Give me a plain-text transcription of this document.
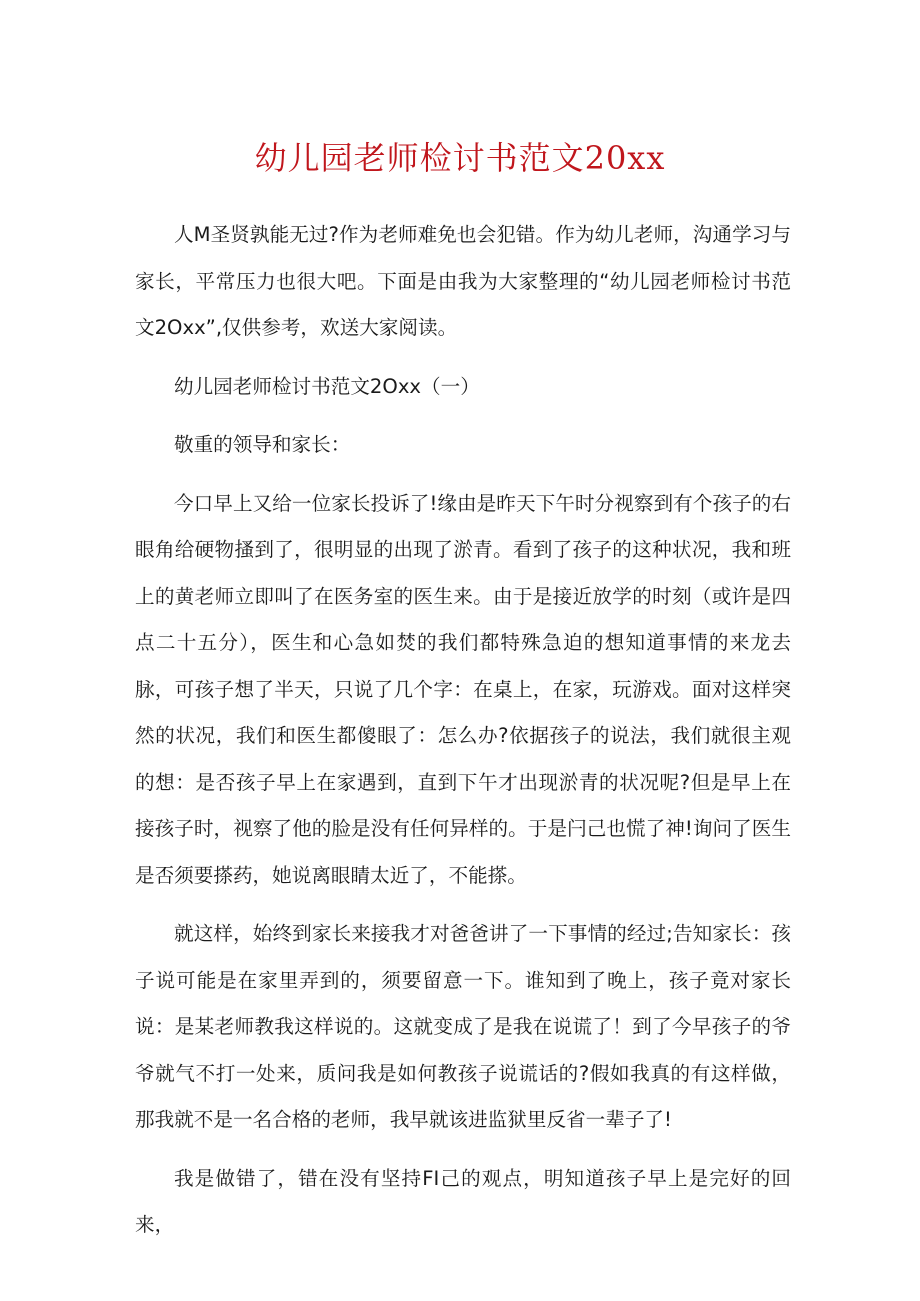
幼儿园老师检讨书范文20xx

人M圣贤孰能无过?作为老师难免也会犯错。作为幼儿老师，沟通学习与家长，平常压力也很大吧。下面是由我为大家整理的“幼儿园老师检讨书范文2Oxx”,仅供参考，欢送大家阅读。

幼儿园老师检讨书范文2Oxx（一）

敬重的领导和家长：

今口早上又给一位家长投诉了!缘由是昨天下午时分视察到有个孩子的右眼角给硬物搔到了，很明显的出现了淤青。看到了孩子的这种状况，我和班上的黄老师立即叫了在医务室的医生来。由于是接近放学的时刻（或许是四点二十五分），医生和心急如焚的我们都特殊急迫的想知道事情的来龙去脉，可孩子想了半天，只说了几个字：在桌上，在家，玩游戏。面对这样突然的状况，我们和医生都傻眼了：怎么办?依据孩子的说法，我们就很主观的想：是否孩子早上在家遇到，直到下午才出现淤青的状况呢?但是早上在接孩子时，视察了他的脸是没有任何异样的。于是闩己也慌了神!询问了医生是否须要搽药，她说离眼睛太近了，不能搽。

就这样，始终到家长来接我才对爸爸讲了一下事情的经过;告知家长：孩子说可能是在家里弄到的，须要留意一下。谁知到了晚上，孩子竟对家长说：是某老师教我这样说的。这就变成了是我在说谎了！到了今早孩子的爷爷就气不打一处来，质问我是如何教孩子说谎话的?假如我真的有这样做，那我就不是一名合格的老师，我早就该进监狱里反省一辈子了!

我是做错了，错在没有坚持FI己的观点，明知道孩子早上是完好的回来，
